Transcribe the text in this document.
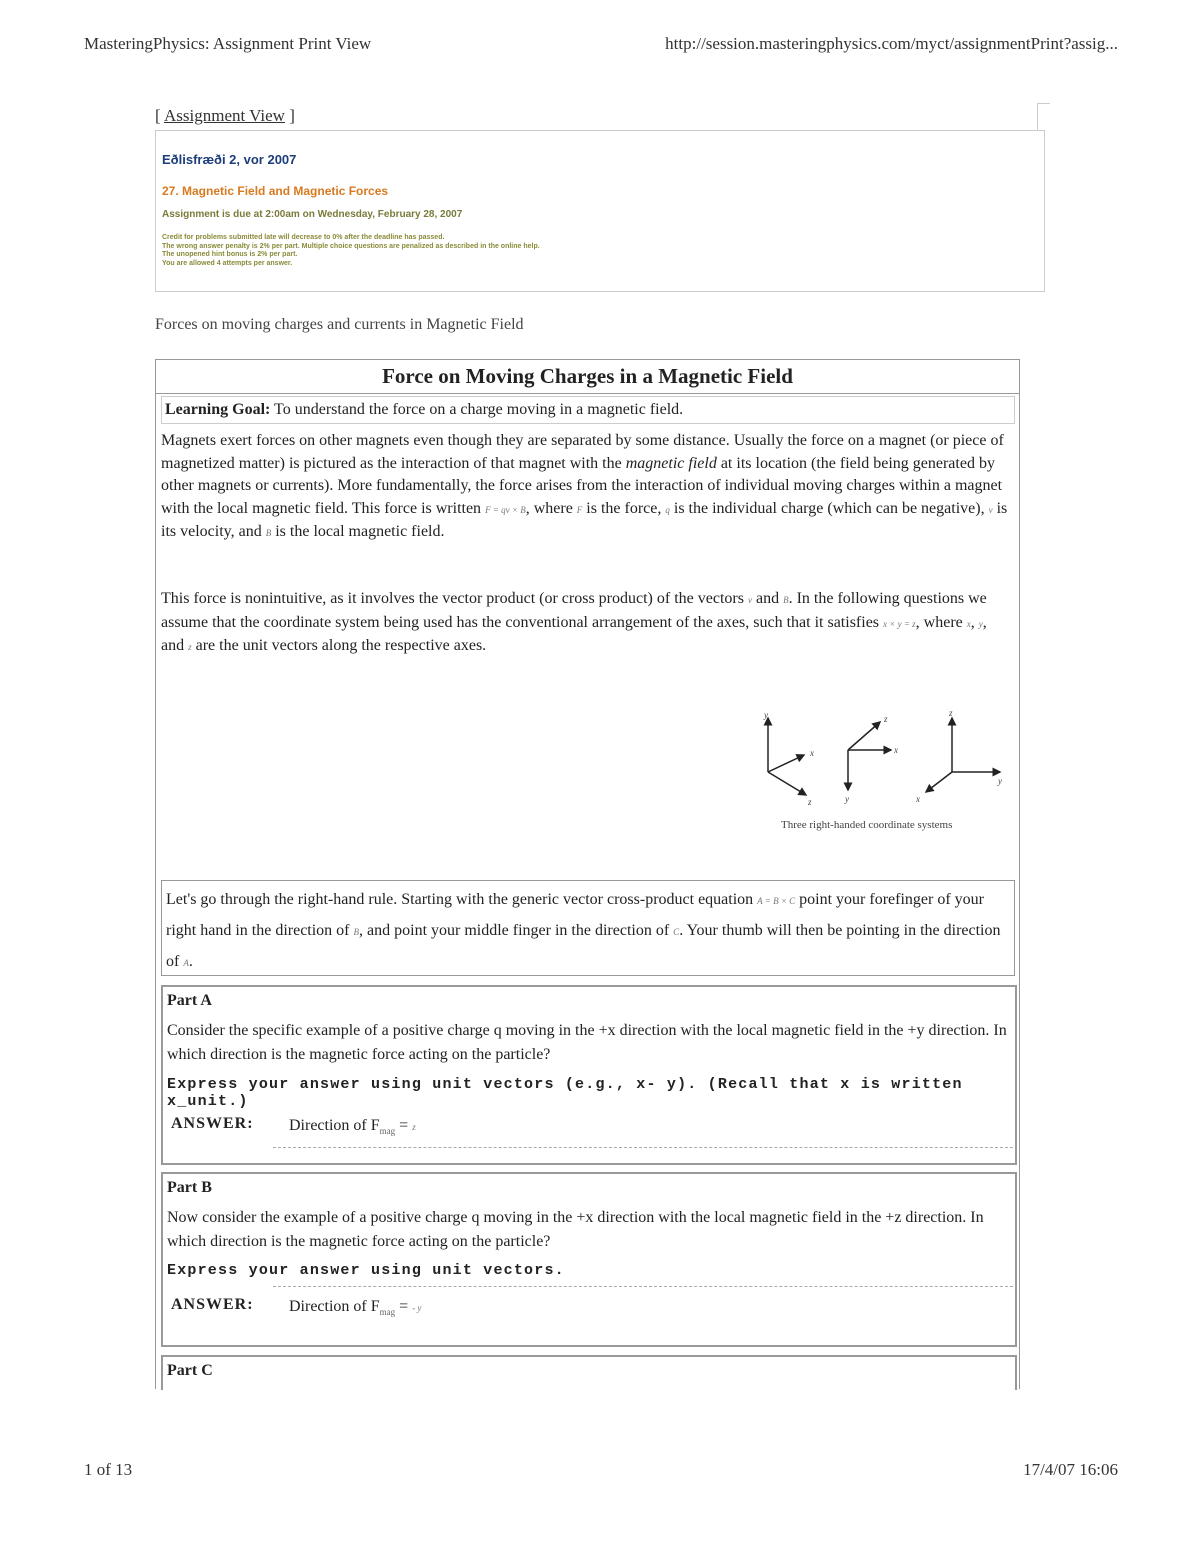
MasteringPhysics: Assignment Print View	http://session.masteringphysics.com/myct/assignmentPrint?assig...
[ Assignment View ]
Eðlisfræði 2, vor 2007
27. Magnetic Field and Magnetic Forces
Assignment is due at 2:00am on Wednesday, February 28, 2007
Credit for problems submitted late will decrease to 0% after the deadline has passed.
The wrong answer penalty is 2% per part. Multiple choice questions are penalized as described in the online help.
The unopened hint bonus is 2% per part.
You are allowed 4 attempts per answer.
Forces on moving charges and currents in Magnetic Field
Force on Moving Charges in a Magnetic Field
Learning Goal: To understand the force on a charge moving in a magnetic field.
Magnets exert forces on other magnets even though they are separated by some distance. Usually the force on a magnet (or piece of magnetized matter) is pictured as the interaction of that magnet with the magnetic field at its location (the field being generated by other magnets or currents). More fundamentally, the force arises from the interaction of individual moving charges within a magnet with the local magnetic field. This force is written F = qv × B, where F is the force, q is the individual charge (which can be negative), v is its velocity, and B is the local magnetic field.
This force is nonintuitive, as it involves the vector product (or cross product) of the vectors v and B. In the following questions we assume that the coordinate system being used has the conventional arrangement of the axes, such that it satisfies x × y = z, where x, y, and z are the unit vectors along the respective axes.
y
x
z	y
x
z
z
y
x
Three right-handed coordinate systems
Let's go through the right-hand rule. Starting with the generic vector cross-product equation A = B × C point your forefinger of your right hand in the direction of B, and point your middle finger in the direction of C. Your thumb will then be pointing in the direction of A.
Part A
Consider the specific example of a positive charge q moving in the +x direction with the local magnetic field in the +y direction. In which direction is the magnetic force acting on the particle?
Express your answer using unit vectors (e.g., x- y). (Recall that x is written x_unit.)
ANSWER: Direction of $F_{mag} = z$
Part B
Now consider the example of a positive charge q moving in the +x direction with the local magnetic field in the +z direction. In which direction is the magnetic force acting on the particle?
Express your answer using unit vectors.
ANSWER: Direction of $F_{mag}$ = - y
Part C
1 of 13	17/4/07 16:06
